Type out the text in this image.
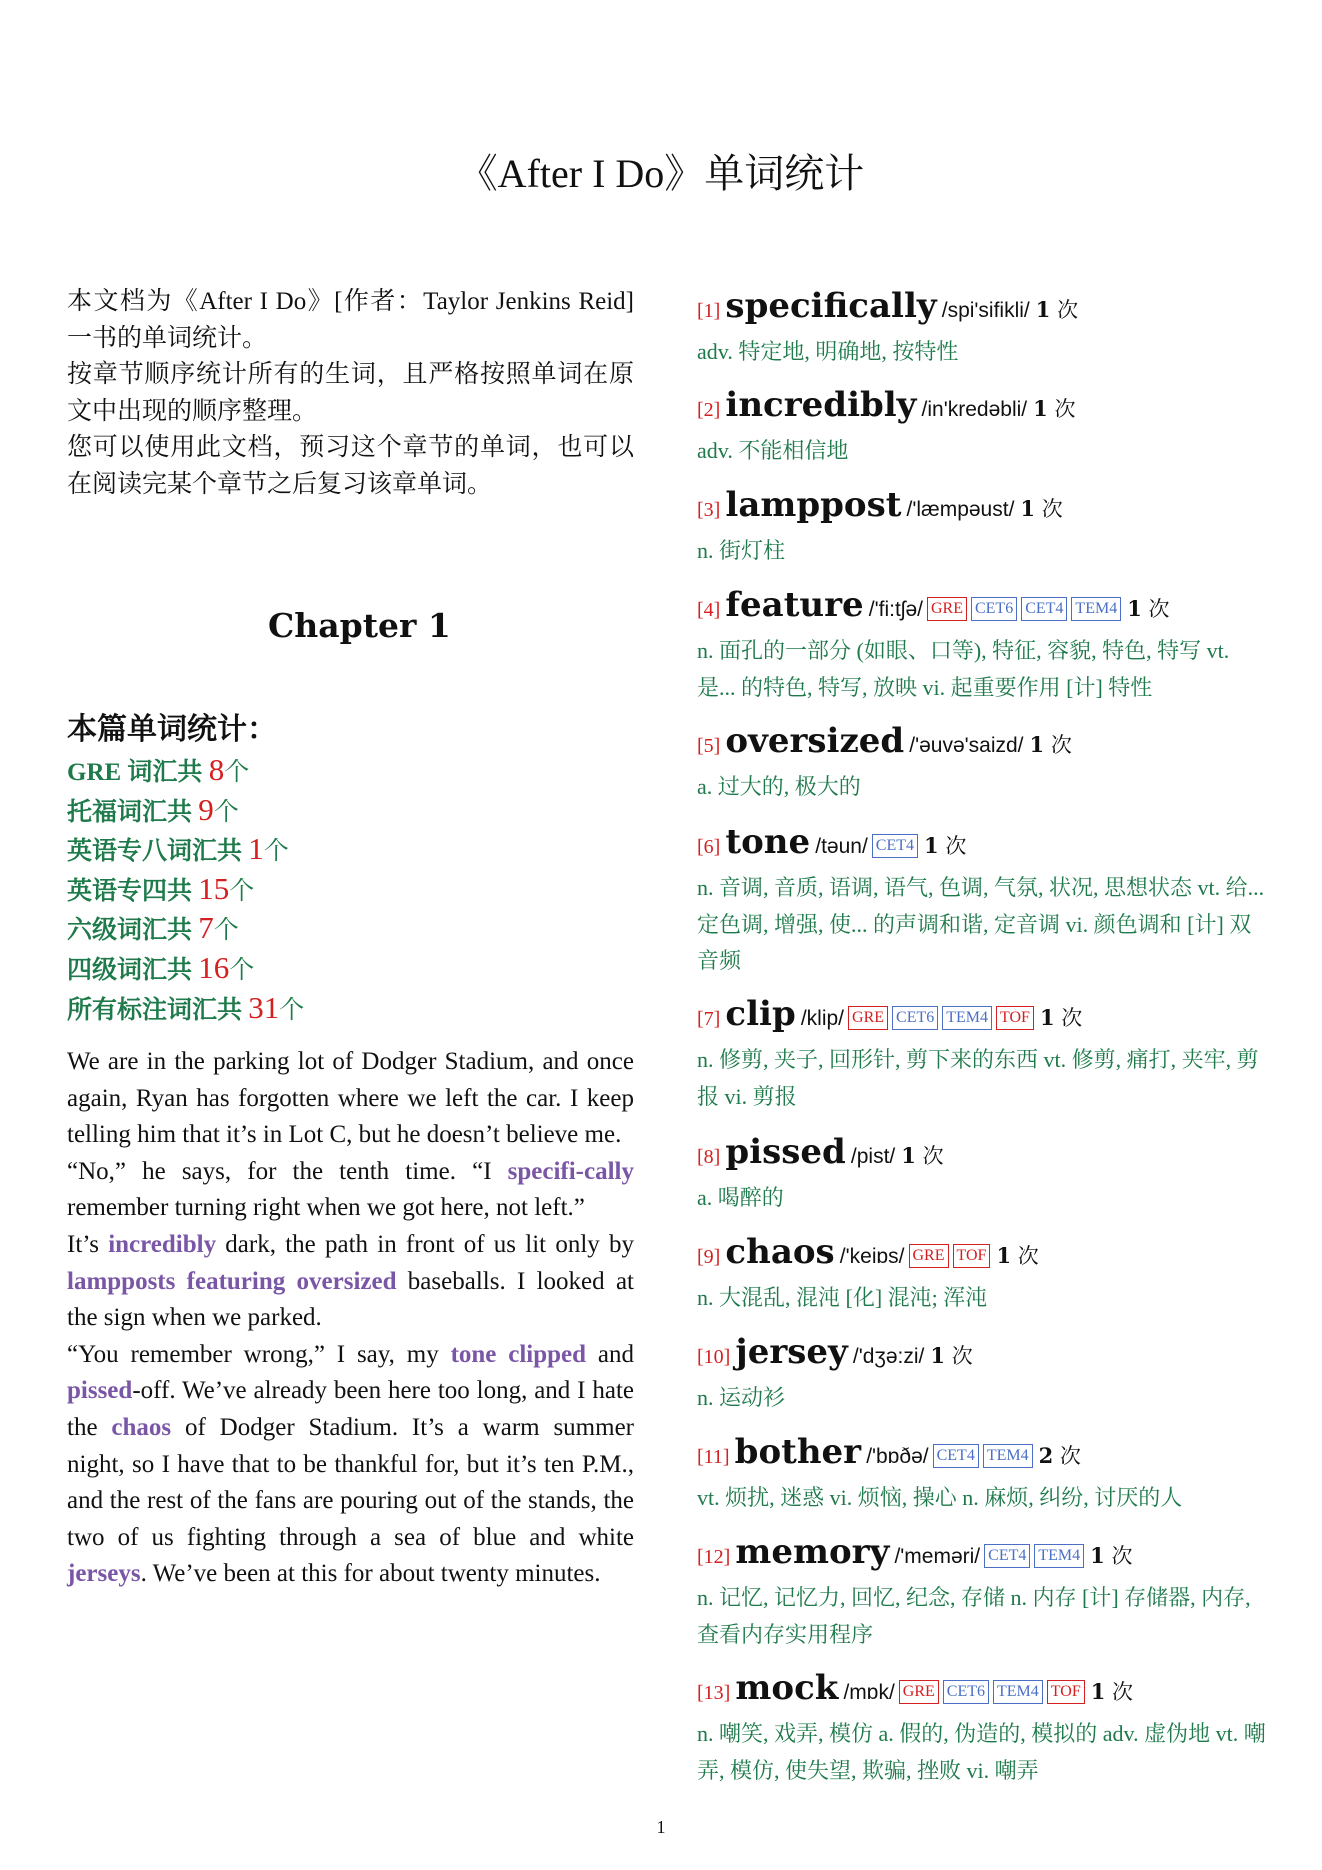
《After I Do》单词统计

本文档为《After I Do》[作者：Taylor Jenkins Reid] 一书的单词统计。

按章节顺序统计所有的生词，且严格按照单词在原文中出现的顺序整理。

您可以使用此文档，预习这个章节的单词，也可以在阅读完某个章节之后复习该章单词。

Chapter 1
本篇单词统计：
GRE 词汇共 8个
托福词汇共 9个
英语专八词汇共 1个
英语专四共 15个
六级词汇共 7个
四级词汇共 16个
所有标注词汇共 31个

We are in the parking lot of Dodger Stadium, and once again, Ryan has forgotten where we left the car. I keep telling him that it’s in Lot C, but he doesn’t believe me.

“No,” he says, for the tenth time. “I specifi-cally remember turning right when we got here, not left.”

It’s incredibly dark, the path in front of us lit only by lampposts featuring oversized baseballs. I looked at the sign when we parked.

“You remember wrong,” I say, my tone clipped and pissed-off. We’ve already been here too long, and I hate the chaos of Dodger Stadium. It’s a warm summer night, so I have that to be thankful for, but it’s ten P.M., and the rest of the fans are pouring out of the stands, the two of us fighting through a sea of blue and white jerseys. We’ve been at this for about twenty minutes.

[1] specifically /spi'sifikli/ 1 次
adv. 特定地, 明确地, 按特性
[2] incredibly /in'kredəbli/ 1 次
adv. 不能相信地
[3] lamppost /'læmpəust/ 1 次
n. 街灯柱
[4] feature /'fi:tʃə/ GRE CET6 CET4 TEM4 1 次
n. 面孔的一部分 (如眼、口等), 特征, 容貌, 特色, 特写 vt. 是... 的特色, 特写, 放映 vi. 起重要作用 [计] 特性
[5] oversized /'əuvə'saizd/ 1 次
a. 过大的, 极大的
[6] tone /təun/ CET4 1 次
n. 音调, 音质, 语调, 语气, 色调, 气氛, 状况, 思想状态 vt. 给... 定色调, 增强, 使... 的声调和谐, 定音调 vi. 颜色调和 [计] 双音频
[7] clip /klip/ GRE CET6 TEM4 TOF 1 次
n. 修剪, 夹子, 回形针, 剪下来的东西 vt. 修剪, 痛打, 夹牢, 剪报 vi. 剪报
[8] pissed /pist/ 1 次
a. 喝醉的
[9] chaos /'keiɒs/ GRE TOF 1 次
n. 大混乱, 混沌 [化] 混沌; 浑沌
[10] jersey /'dʒə:zi/ 1 次
n. 运动衫
[11] bother /'bɒðə/ CET4 TEM4 2 次
vt. 烦扰, 迷惑 vi. 烦恼, 操心 n. 麻烦, 纠纷, 讨厌的人
[12] memory /'meməri/ CET4 TEM4 1 次
n. 记忆, 记忆力, 回忆, 纪念, 存储 n. 内存 [计] 存储器, 内存, 查看内存实用程序
[13] mock /mɒk/ GRE CET6 TEM4 TOF 1 次
n. 嘲笑, 戏弄, 模仿 a. 假的, 伪造的, 模拟的 adv. 虚伪地 vt. 嘲弄, 模仿, 使失望, 欺骗, 挫败 vi. 嘲弄
1
